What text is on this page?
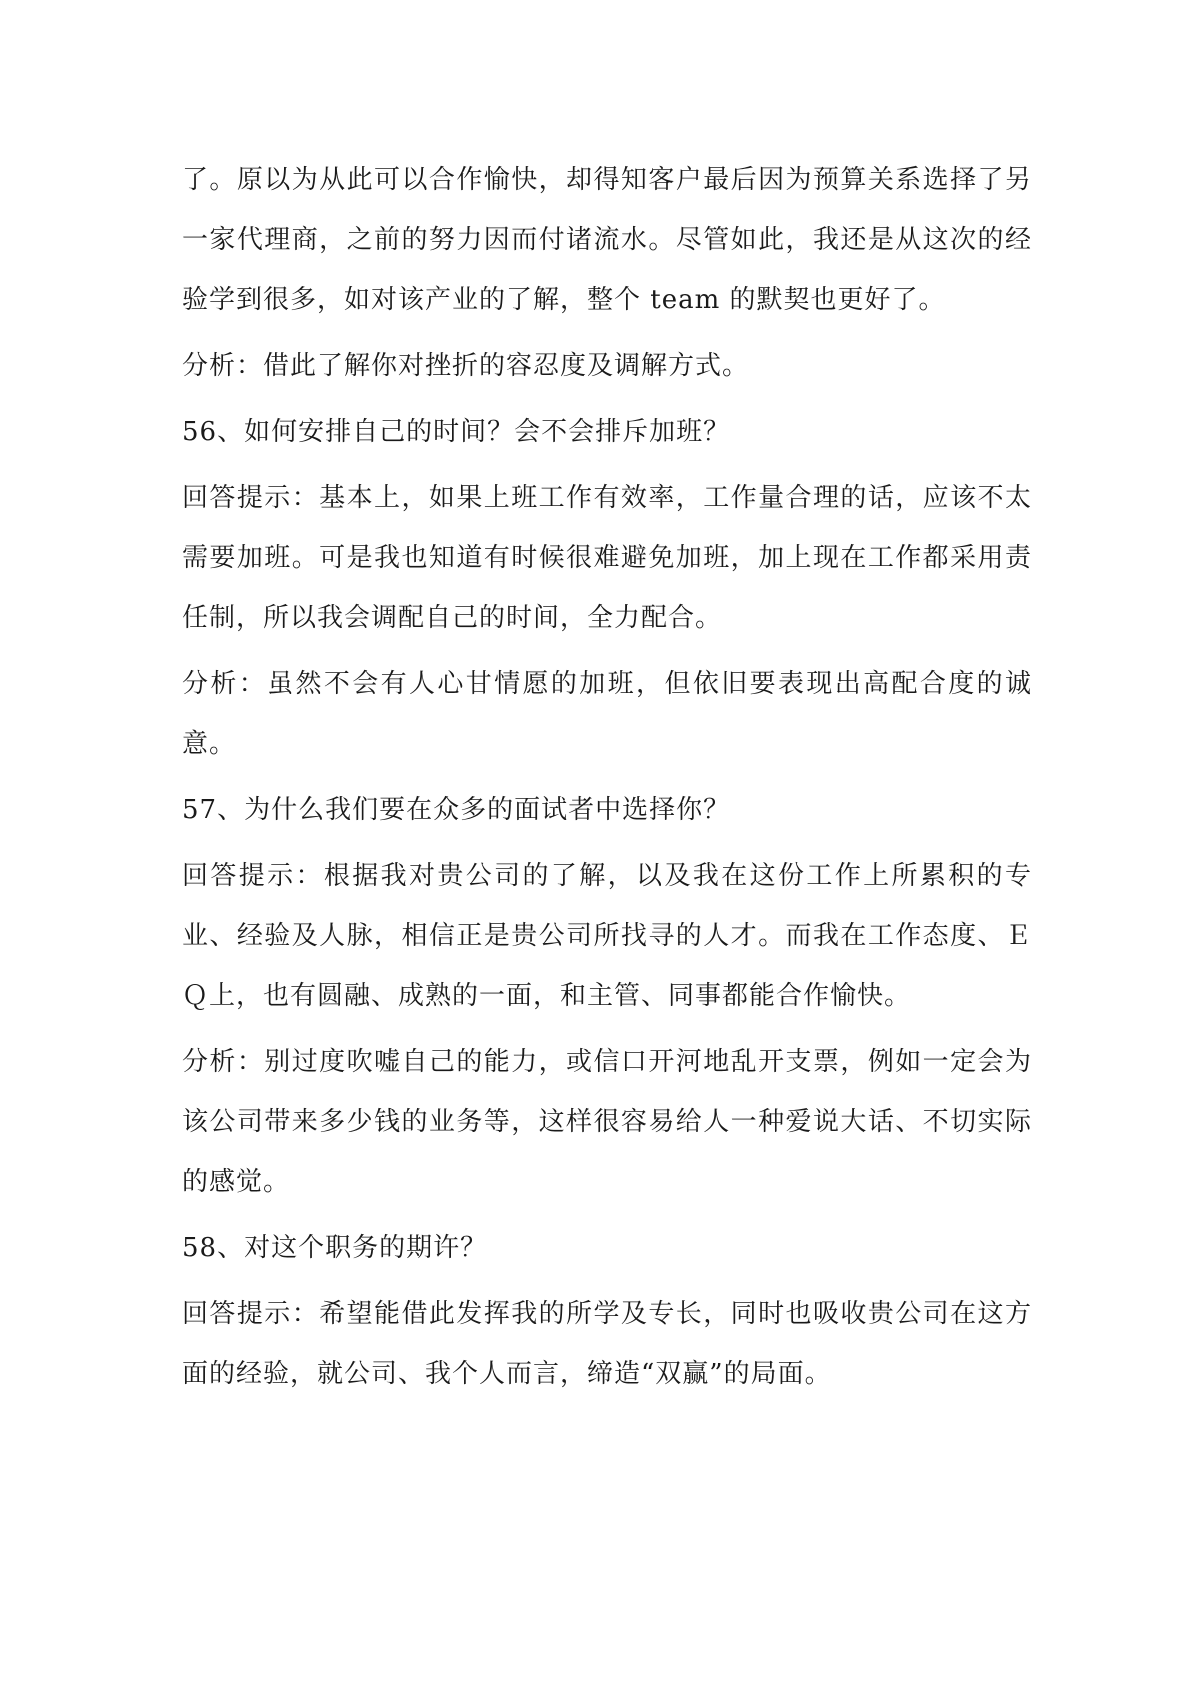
了。原以为从此可以合作愉快，却得知客户最后因为预算关系选择了另一家代理商，之前的努力因而付诸流水。尽管如此，我还是从这次的经验学到很多，如对该产业的了解，整个 team 的默契也更好了。

分析：借此了解你对挫折的容忍度及调解方式。

56、如何安排自己的时间？会不会排斥加班？

回答提示：基本上，如果上班工作有效率，工作量合理的话，应该不太需要加班。可是我也知道有时候很难避免加班，加上现在工作都采用责任制，所以我会调配自己的时间，全力配合。

分析：虽然不会有人心甘情愿的加班，但依旧要表现出高配合度的诚意。

57、为什么我们要在众多的面试者中选择你？

回答提示：根据我对贵公司的了解，以及我在这份工作上所累积的专业、经验及人脉，相信正是贵公司所找寻的人才。而我在工作态度、ＥＱ上，也有圆融、成熟的一面，和主管、同事都能合作愉快。

分析：别过度吹嘘自己的能力，或信口开河地乱开支票，例如一定会为该公司带来多少钱的业务等，这样很容易给人一种爱说大话、不切实际的感觉。

58、对这个职务的期许？

回答提示：希望能借此发挥我的所学及专长，同时也吸收贵公司在这方面的经验，就公司、我个人而言，缔造“双赢”的局面。
